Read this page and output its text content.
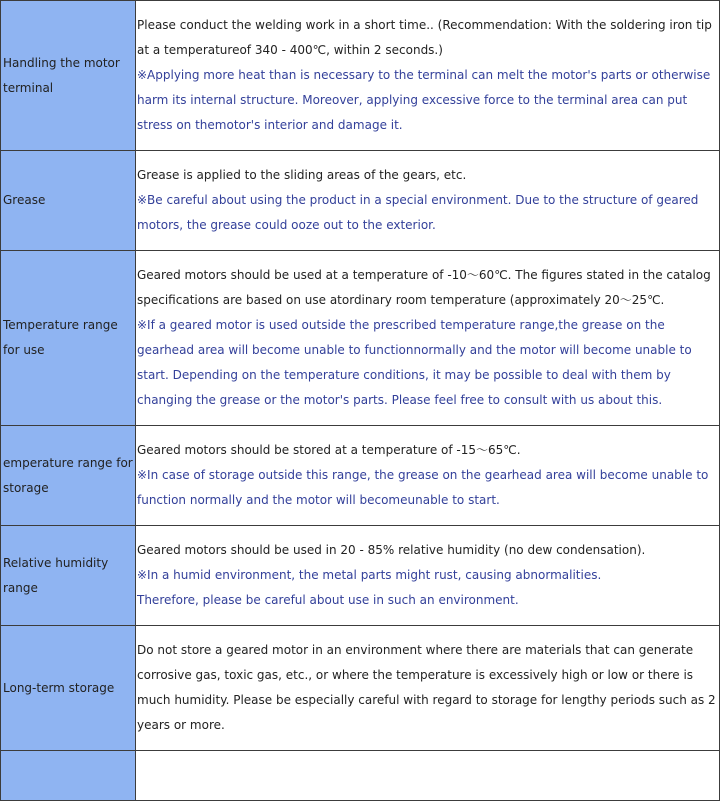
Handling the motor terminal	Please conduct the welding work in a short time.. (Recommendation: With the soldering iron tip at a temperatureof 340 - 400℃, within 2 seconds.)
※Applying more heat than is necessary to the terminal can melt the motor's parts or otherwise harm its internal structure. Moreover, applying excessive force to the terminal area can put stress on themotor's interior and damage it.

Grease	Grease is applied to the sliding areas of the gears, etc.
※Be careful about using the product in a special environment. Due to the structure of geared motors, the grease could ooze out to the exterior.

Temperature range for use	Geared motors should be used at a temperature of -10～60℃. The figures stated in the catalog specifications are based on use atordinary room temperature (approximately 20～25℃.
※If a geared motor is used outside the prescribed temperature range,the grease on the gearhead area will become unable to functionnormally and the motor will become unable to start. Depending on the temperature conditions, it may be possible to deal with them by changing the grease or the motor's parts. Please feel free to consult with us about this.

emperature range for storage	Geared motors should be stored at a temperature of -15～65℃.
※In case of storage outside this range, the grease on the gearhead area will become unable to function normally and the motor will becomeunable to start.

Relative humidity range	Geared motors should be used in 20 - 85% relative humidity (no dew condensation).
※In a humid environment, the metal parts might rust, causing abnormalities.
Therefore, please be careful about use in such an environment.

Long-term storage	Do not store a geared motor in an environment where there are materials that can generate corrosive gas, toxic gas, etc., or where the temperature is excessively high or low or there is much humidity. Please be especially careful with regard to storage for lengthy periods such as 2 years or more.
